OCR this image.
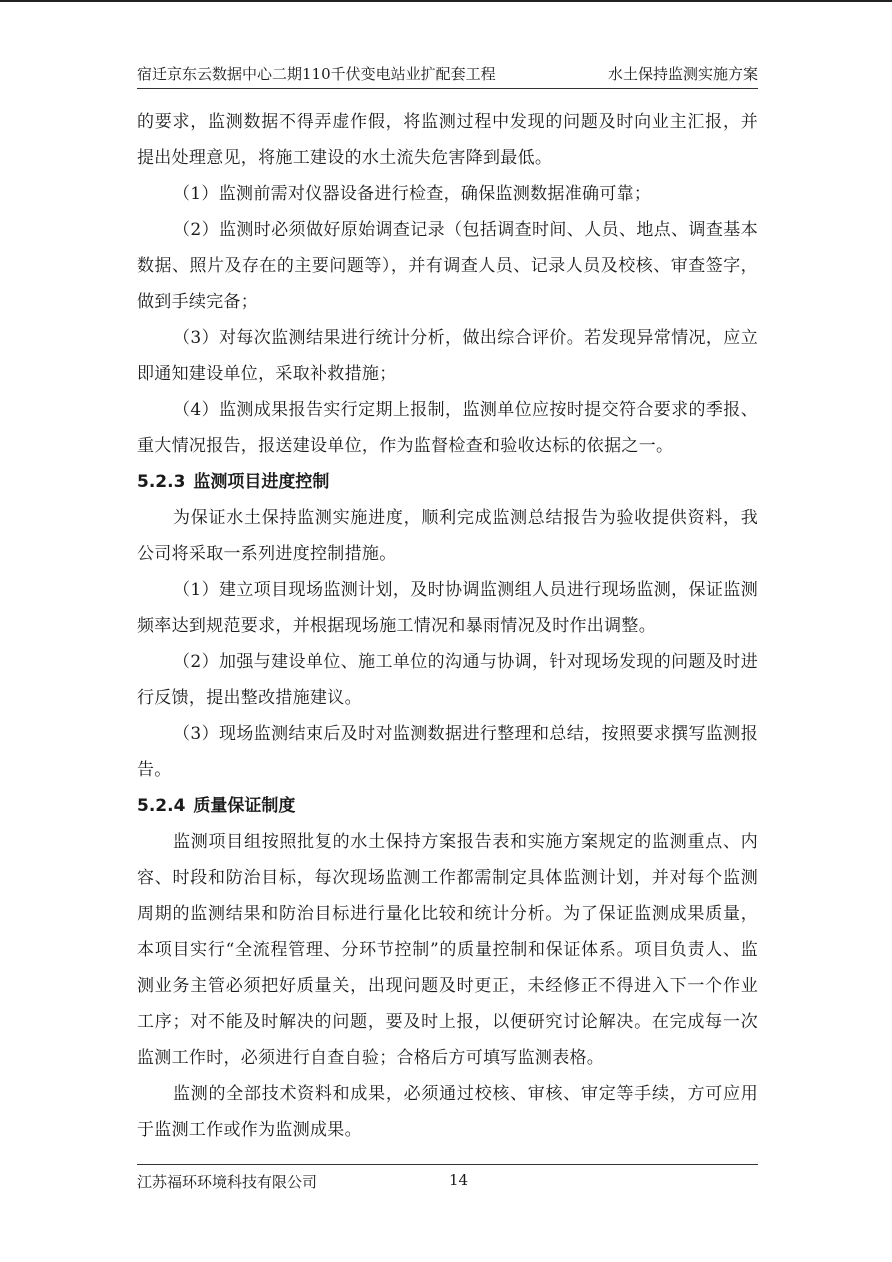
宿迁京东云数据中心二期110千伏变电站业扩配套工程	水土保持监测实施方案

的要求，监测数据不得弄虚作假，将监测过程中发现的问题及时向业主汇报，并提出处理意见，将施工建设的水土流失危害降到最低。

（1）监测前需对仪器设备进行检查，确保监测数据准确可靠；

（2）监测时必须做好原始调查记录（包括调查时间、人员、地点、调查基本数据、照片及存在的主要问题等），并有调查人员、记录人员及校核、审查签字，做到手续完备；

（3）对每次监测结果进行统计分析，做出综合评价。若发现异常情况，应立即通知建设单位，采取补救措施；

（4）监测成果报告实行定期上报制，监测单位应按时提交符合要求的季报、重大情况报告，报送建设单位，作为监督检查和验收达标的依据之一。

5.2.3 监测项目进度控制

为保证水土保持监测实施进度，顺利完成监测总结报告为验收提供资料，我公司将采取一系列进度控制措施。

（1）建立项目现场监测计划，及时协调监测组人员进行现场监测，保证监测频率达到规范要求，并根据现场施工情况和暴雨情况及时作出调整。

（2）加强与建设单位、施工单位的沟通与协调，针对现场发现的问题及时进行反馈，提出整改措施建议。

（3）现场监测结束后及时对监测数据进行整理和总结，按照要求撰写监测报告。

5.2.4 质量保证制度

监测项目组按照批复的水土保持方案报告表和实施方案规定的监测重点、内容、时段和防治目标，每次现场监测工作都需制定具体监测计划，并对每个监测周期的监测结果和防治目标进行量化比较和统计分析。为了保证监测成果质量，本项目实行“全流程管理、分环节控制”的质量控制和保证体系。项目负责人、监测业务主管必须把好质量关，出现问题及时更正，未经修正不得进入下一个作业工序；对不能及时解决的问题，要及时上报，以便研究讨论解决。在完成每一次监测工作时，必须进行自查自验；合格后方可填写监测表格。

监测的全部技术资料和成果，必须通过校核、审核、审定等手续，方可应用于监测工作或作为监测成果。

江苏福环环境科技有限公司	14
